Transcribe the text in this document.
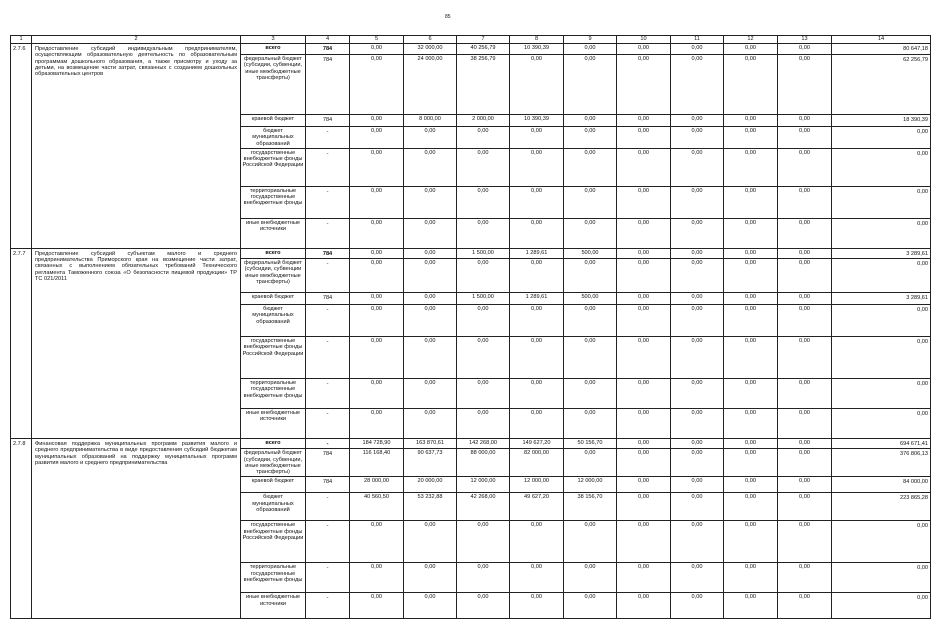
85
1	2	3	4	5	6	7	8	9	10	11	12	13	14
2.7.6	Предоставление субсидий индивидуальным предпринимателям, осуществляющим образовательную деятельность по образовательным программам дошкольного образования, а также присмотру и уходу за детьми, на возмещение части затрат, связанных с созданием дошкольных образовательных центров	всего	784	0,00	32 000,00	40 256,79	10 390,39	0,00	0,00	0,00	0,00	0,00	80 647,18
		федеральный бюджет (субсидии, субвенции, иные межбюджетные трансферты)	784	0,00	24 000,00	38 256,79	0,00	0,00	0,00	0,00	0,00	0,00	62 256,79
		краевой бюджет	784	0,00	8 000,00	2 000,00	10 390,39	0,00	0,00	0,00	0,00	0,00	18 390,39
		бюджет муниципальных образований	-	0,00	0,00	0,00	0,00	0,00	0,00	0,00	0,00	0,00	0,00
		государственные внебюджетные фонды Российской Федерации	-	0,00	0,00	0,00	0,00	0,00	0,00	0,00	0,00	0,00	0,00
		территориальные государственные внебюджетные фонды	-	0,00	0,00	0,00	0,00	0,00	0,00	0,00	0,00	0,00	0,00
		иные внебюджетные источники	-	0,00	0,00	0,00	0,00	0,00	0,00	0,00	0,00	0,00	0,00
2.7.7	Предоставление субсидий субъектам малого и среднего предпринимательства Приморского края на возмещение части затрат, связанных с выполнением обязательных требований Технического регламента Таможенного союза «О безопасности пищевой продукции» ТР ТС 021/2011	всего	784	0,00	0,00	1 500,00	1 289,61	500,00	0,00	0,00	0,00	0,00	3 289,61
		федеральный бюджет (субсидии, субвенции иные межбюджетные трансферты)	-	0,00	0,00	0,00	0,00	0,00	0,00	0,00	0,00	0,00	0,00
		краевой бюджет	784	0,00	0,00	1 500,00	1 289,61	500,00	0,00	0,00	0,00	0,00	3 289,61
		бюджет муниципальных образований	-	0,00	0,00	0,00	0,00	0,00	0,00	0,00	0,00	0,00	0,00
		государственные внебюджетные фонды Российской Федерации	-	0,00	0,00	0,00	0,00	0,00	0,00	0,00	0,00	0,00	0,00
		территориальные государственные внебюджетные фонды	-	0,00	0,00	0,00	0,00	0,00	0,00	0,00	0,00	0,00	0,00
		иные внебюджетные источники	-	0,00	0,00	0,00	0,00	0,00	0,00	0,00	0,00	0,00	0,00
2.7.8	Финансовая поддержка муниципальных программ развития малого и среднего предпринимательства в виде предоставления субсидий бюджетам муниципальных образований на поддержку муниципальных программ развития малого и среднего предпринимательства	всего	-	184 728,90	163 870,61	142 268,00	149 627,20	50 156,70	0,00	0,00	0,00	0,00	694 671,41
		федеральный бюджет (субсидии, субвенции, иные межбюджетные трансферты)	784	116 168,40	90 637,73	88 000,00	82 000,00	0,00	0,00	0,00	0,00	0,00	376 806,13
		краевой бюджет	784	28 000,00	20 000,00	12 000,00	12 000,00	12 000,00	0,00	0,00	0,00	0,00	84 000,00
		бюджет муниципальных образований	-	40 560,50	53 232,88	42 268,00	49 627,20	38 156,70	0,00	0,00	0,00	0,00	223 865,28
		государственные внебюджетные фонды Российской Федерации	-	0,00	0,00	0,00	0,00	0,00	0,00	0,00	0,00	0,00	0,00
		территориальные государственные внебюджетные фонды	-	0,00	0,00	0,00	0,00	0,00	0,00	0,00	0,00	0,00	0,00
		иные внебюджетные источники	-	0,00	0,00	0,00	0,00	0,00	0,00	0,00	0,00	0,00	0,00
